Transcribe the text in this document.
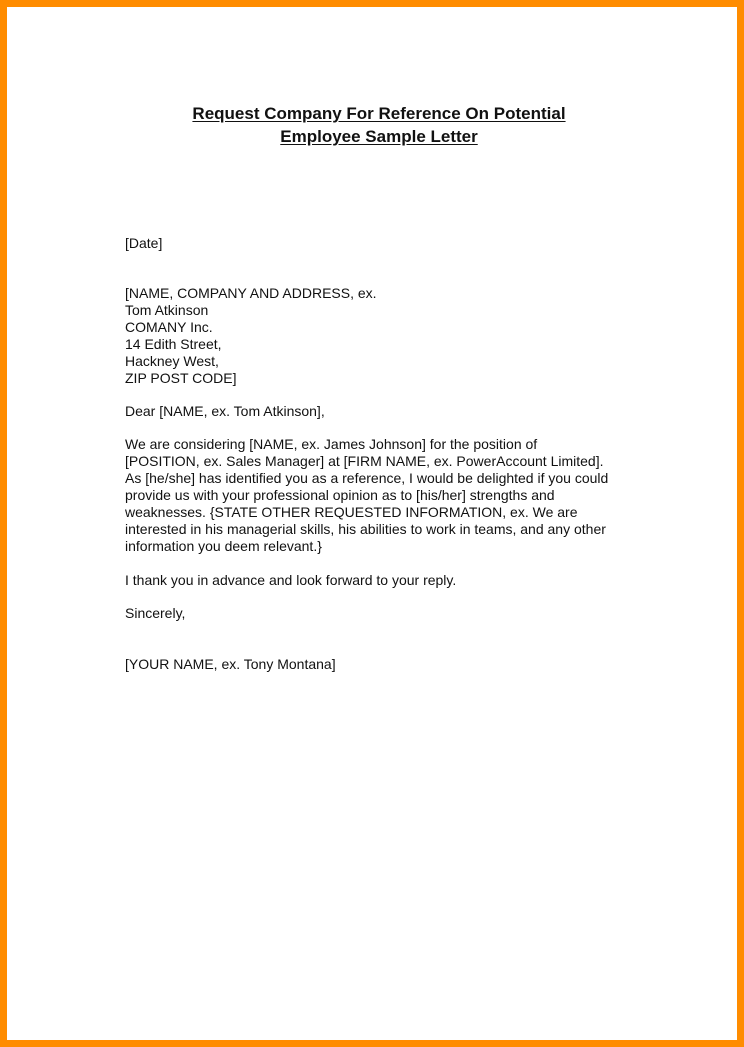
Request Company For Reference On Potential
Employee Sample Letter
[Date]
[NAME, COMPANY AND ADDRESS, ex.
Tom Atkinson
COMANY Inc.
14 Edith Street,
Hackney West,
ZIP POST CODE]
Dear [NAME, ex. Tom Atkinson],
We are considering [NAME, ex. James Johnson] for the position of
[POSITION, ex. Sales Manager] at [FIRM NAME, ex. PowerAccount Limited].
As [he/she] has identified you as a reference, I would be delighted if you could
provide us with your professional opinion as to [his/her] strengths and
weaknesses. {STATE OTHER REQUESTED INFORMATION, ex. We are
interested in his managerial skills, his abilities to work in teams, and any other
information you deem relevant.}
I thank you in advance and look forward to your reply.
Sincerely,
[YOUR NAME, ex. Tony Montana]
